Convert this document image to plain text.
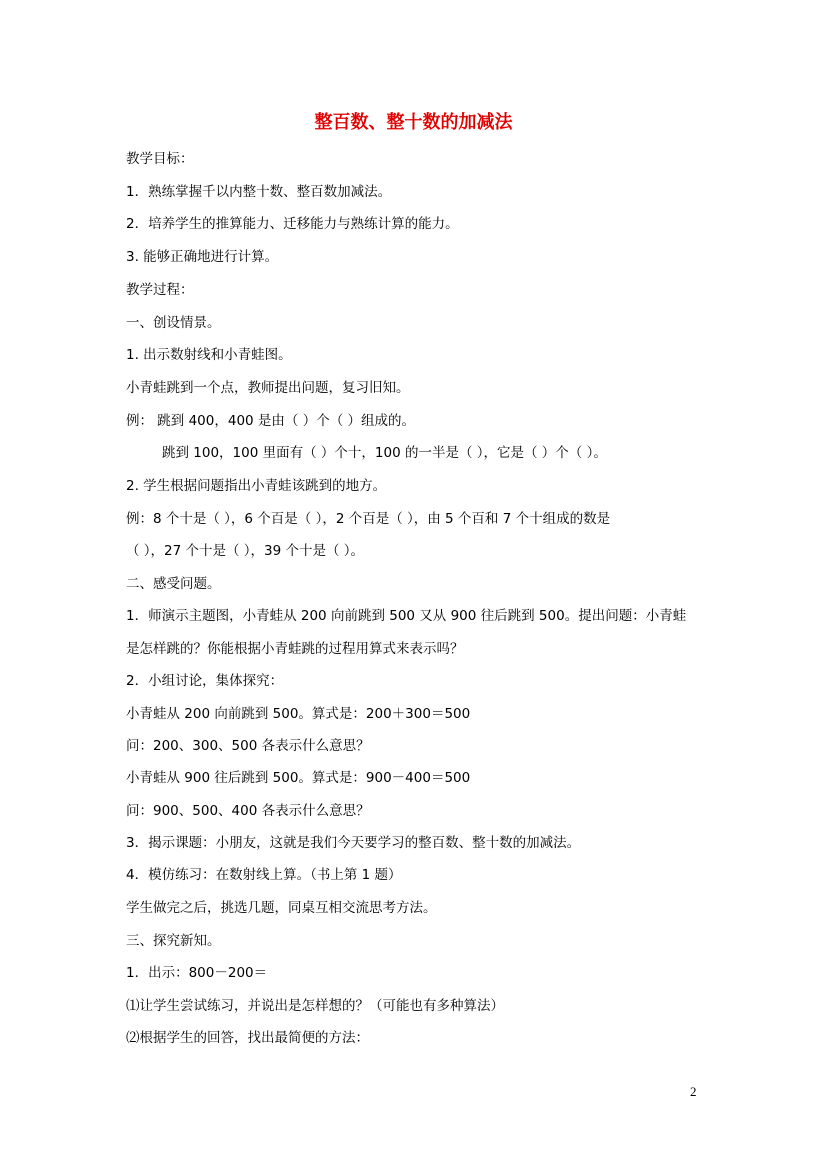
整百数、整十数的加减法
教学目标：
1．熟练掌握千以内整十数、整百数加减法。
2．培养学生的推算能力、迁移能力与熟练计算的能力。
3. 能够正确地进行计算。
教学过程：
一、创设情景。
1. 出示数射线和小青蛙图。
小青蛙跳到一个点，教师提出问题，复习旧知。
例： 跳到 400，400 是由（ ）个（ ）组成的。
跳到 100，100 里面有（ ）个十，100 的一半是（ ），它是（ ）个（ ）。
2. 学生根据问题指出小青蛙该跳到的地方。
例：8 个十是（ ），6 个百是（ ），2 个百是（ ），由 5 个百和 7 个十组成的数是
（ ），27 个十是（ ），39 个十是（ ）。
二、感受问题。
1．师演示主题图，小青蛙从 200 向前跳到 500 又从 900 往后跳到 500。提出问题：小青蛙
是怎样跳的？你能根据小青蛙跳的过程用算式来表示吗？
2．小组讨论，集体探究：
小青蛙从 200 向前跳到 500。算式是：200＋300＝500
问：200、300、500 各表示什么意思？
小青蛙从 900 往后跳到 500。算式是：900－400＝500
问：900、500、400 各表示什么意思？
3．揭示课题：小朋友，这就是我们今天要学习的整百数、整十数的加减法。
4．模仿练习：在数射线上算。（书上第 1 题）
学生做完之后，挑选几题，同桌互相交流思考方法。
三、探究新知。
1．出示：800－200＝
⑴让学生尝试练习，并说出是怎样想的？（可能也有多种算法）
⑵根据学生的回答，找出最简便的方法：
2
